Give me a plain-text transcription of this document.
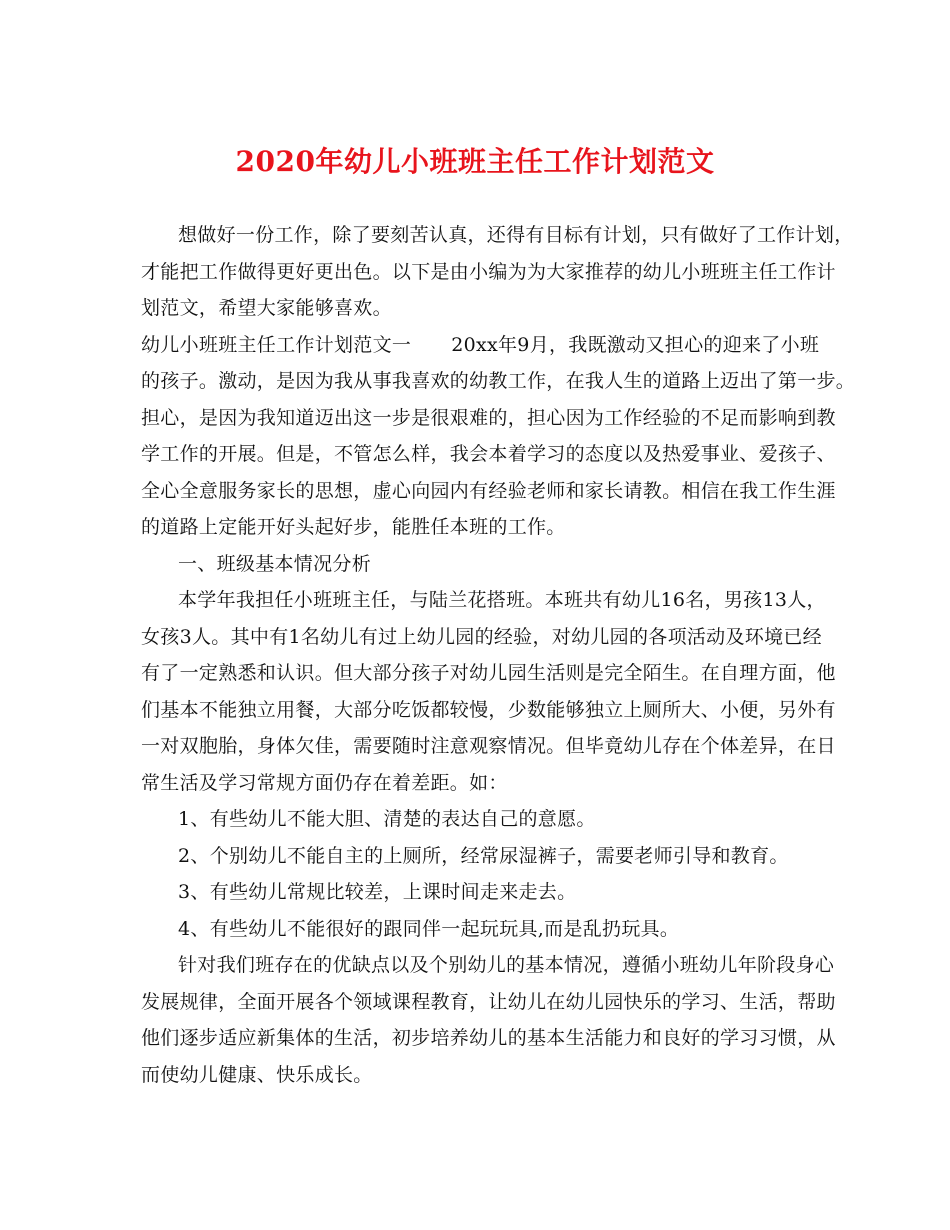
2020年幼儿小班班主任工作计划范文
想做好一份工作，除了要刻苦认真，还得有目标有计划，只有做好了工作计划，
才能把工作做得更好更出色。以下是由小编为为大家推荐的幼儿小班班主任工作计
划范文，希望大家能够喜欢。
幼儿小班班主任工作计划范文一 20xx年9月，我既激动又担心的迎来了小班
的孩子。激动，是因为我从事我喜欢的幼教工作，在我人生的道路上迈出了第一步。
担心，是因为我知道迈出这一步是很艰难的，担心因为工作经验的不足而影响到教
学工作的开展。但是，不管怎么样，我会本着学习的态度以及热爱事业、爱孩子、
全心全意服务家长的思想，虚心向园内有经验老师和家长请教。相信在我工作生涯
的道路上定能开好头起好步，能胜任本班的工作。
一、班级基本情况分析
本学年我担任小班班主任，与陆兰花搭班。本班共有幼儿16名，男孩13人，
女孩3人。其中有1名幼儿有过上幼儿园的经验，对幼儿园的各项活动及环境已经
有了一定熟悉和认识。但大部分孩子对幼儿园生活则是完全陌生。在自理方面，他
们基本不能独立用餐，大部分吃饭都较慢，少数能够独立上厕所大、小便，另外有
一对双胞胎，身体欠佳，需要随时注意观察情况。但毕竟幼儿存在个体差异，在日
常生活及学习常规方面仍存在着差距。如：
1、有些幼儿不能大胆、清楚的表达自己的意愿。
2、个别幼儿不能自主的上厕所，经常尿湿裤子，需要老师引导和教育。
3、有些幼儿常规比较差，上课时间走来走去。
4、有些幼儿不能很好的跟同伴一起玩玩具,而是乱扔玩具。
针对我们班存在的优缺点以及个别幼儿的基本情况，遵循小班幼儿年阶段身心
发展规律，全面开展各个领域课程教育，让幼儿在幼儿园快乐的学习、生活，帮助
他们逐步适应新集体的生活，初步培养幼儿的基本生活能力和良好的学习习惯，从
而使幼儿健康、快乐成长。
